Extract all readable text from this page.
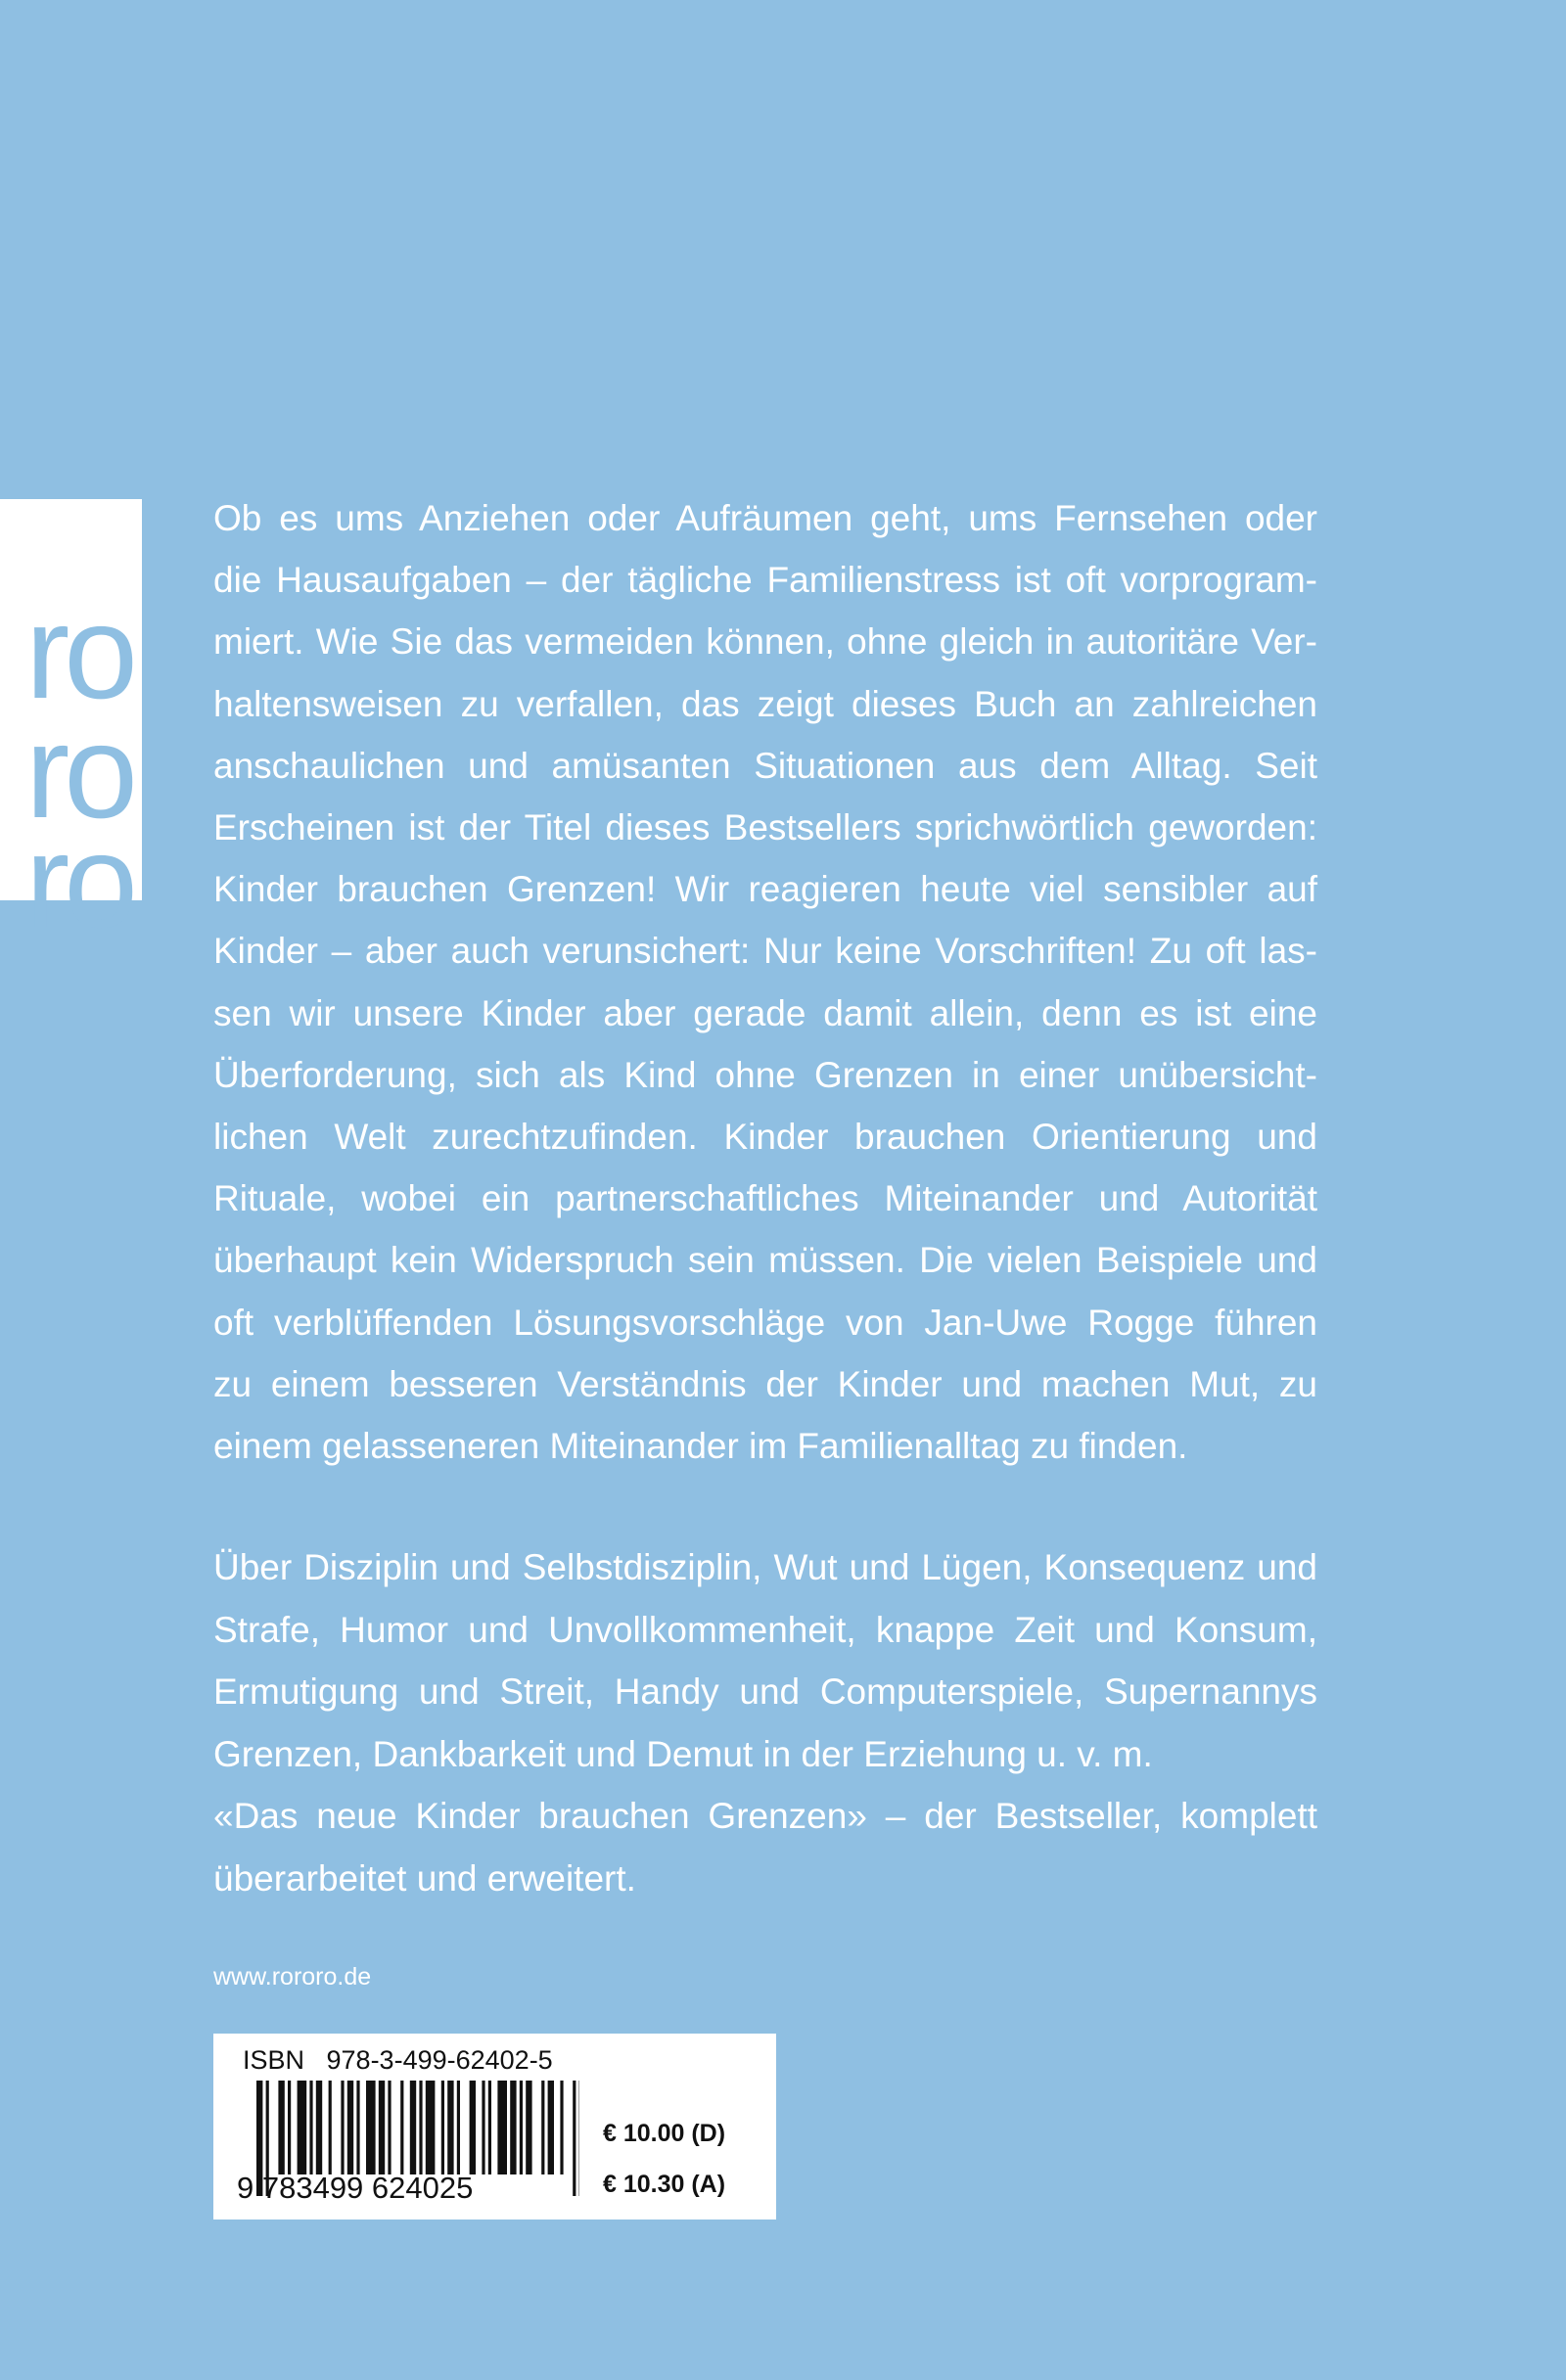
ro
ro
ro
Ob es ums Anziehen oder Aufräumen geht, ums Fernsehen oder
die Hausaufgaben – der tägliche Familienstress ist oft vorprogram-
miert. Wie Sie das vermeiden können, ohne gleich in autoritäre Ver-
haltensweisen zu verfallen, das zeigt dieses Buch an zahlreichen
anschaulichen und amüsanten Situationen aus dem Alltag. Seit
Erscheinen ist der Titel dieses Bestsellers sprichwörtlich geworden:
Kinder brauchen Grenzen! Wir reagieren heute viel sensibler auf
Kinder – aber auch verunsichert: Nur keine Vorschriften! Zu oft las-
sen wir unsere Kinder aber gerade damit allein, denn es ist eine
Überforderung, sich als Kind ohne Grenzen in einer unübersicht-
lichen Welt zurechtzufinden. Kinder brauchen Orientierung und
Rituale, wobei ein partnerschaftliches Miteinander und Autorität
überhaupt kein Widerspruch sein müssen. Die vielen Beispiele und
oft verblüffenden Lösungsvorschläge von Jan-Uwe Rogge führen
zu einem besseren Verständnis der Kinder und machen Mut, zu
einem gelasseneren Miteinander im Familienalltag zu finden.
Über Disziplin und Selbstdisziplin, Wut und Lügen, Konsequenz und
Strafe, Humor und Unvollkommenheit, knappe Zeit und Konsum,
Ermutigung und Streit, Handy und Computerspiele, Supernannys
Grenzen, Dankbarkeit und Demut in der Erziehung u. v. m.
«Das neue Kinder brauchen Grenzen» – der Bestseller, komplett
überarbeitet und erweitert.
www.rororo.de
ISBN   978-3-499-62402-5
9 783499 624025
€ 10.00 (D)
€ 10.30 (A)
